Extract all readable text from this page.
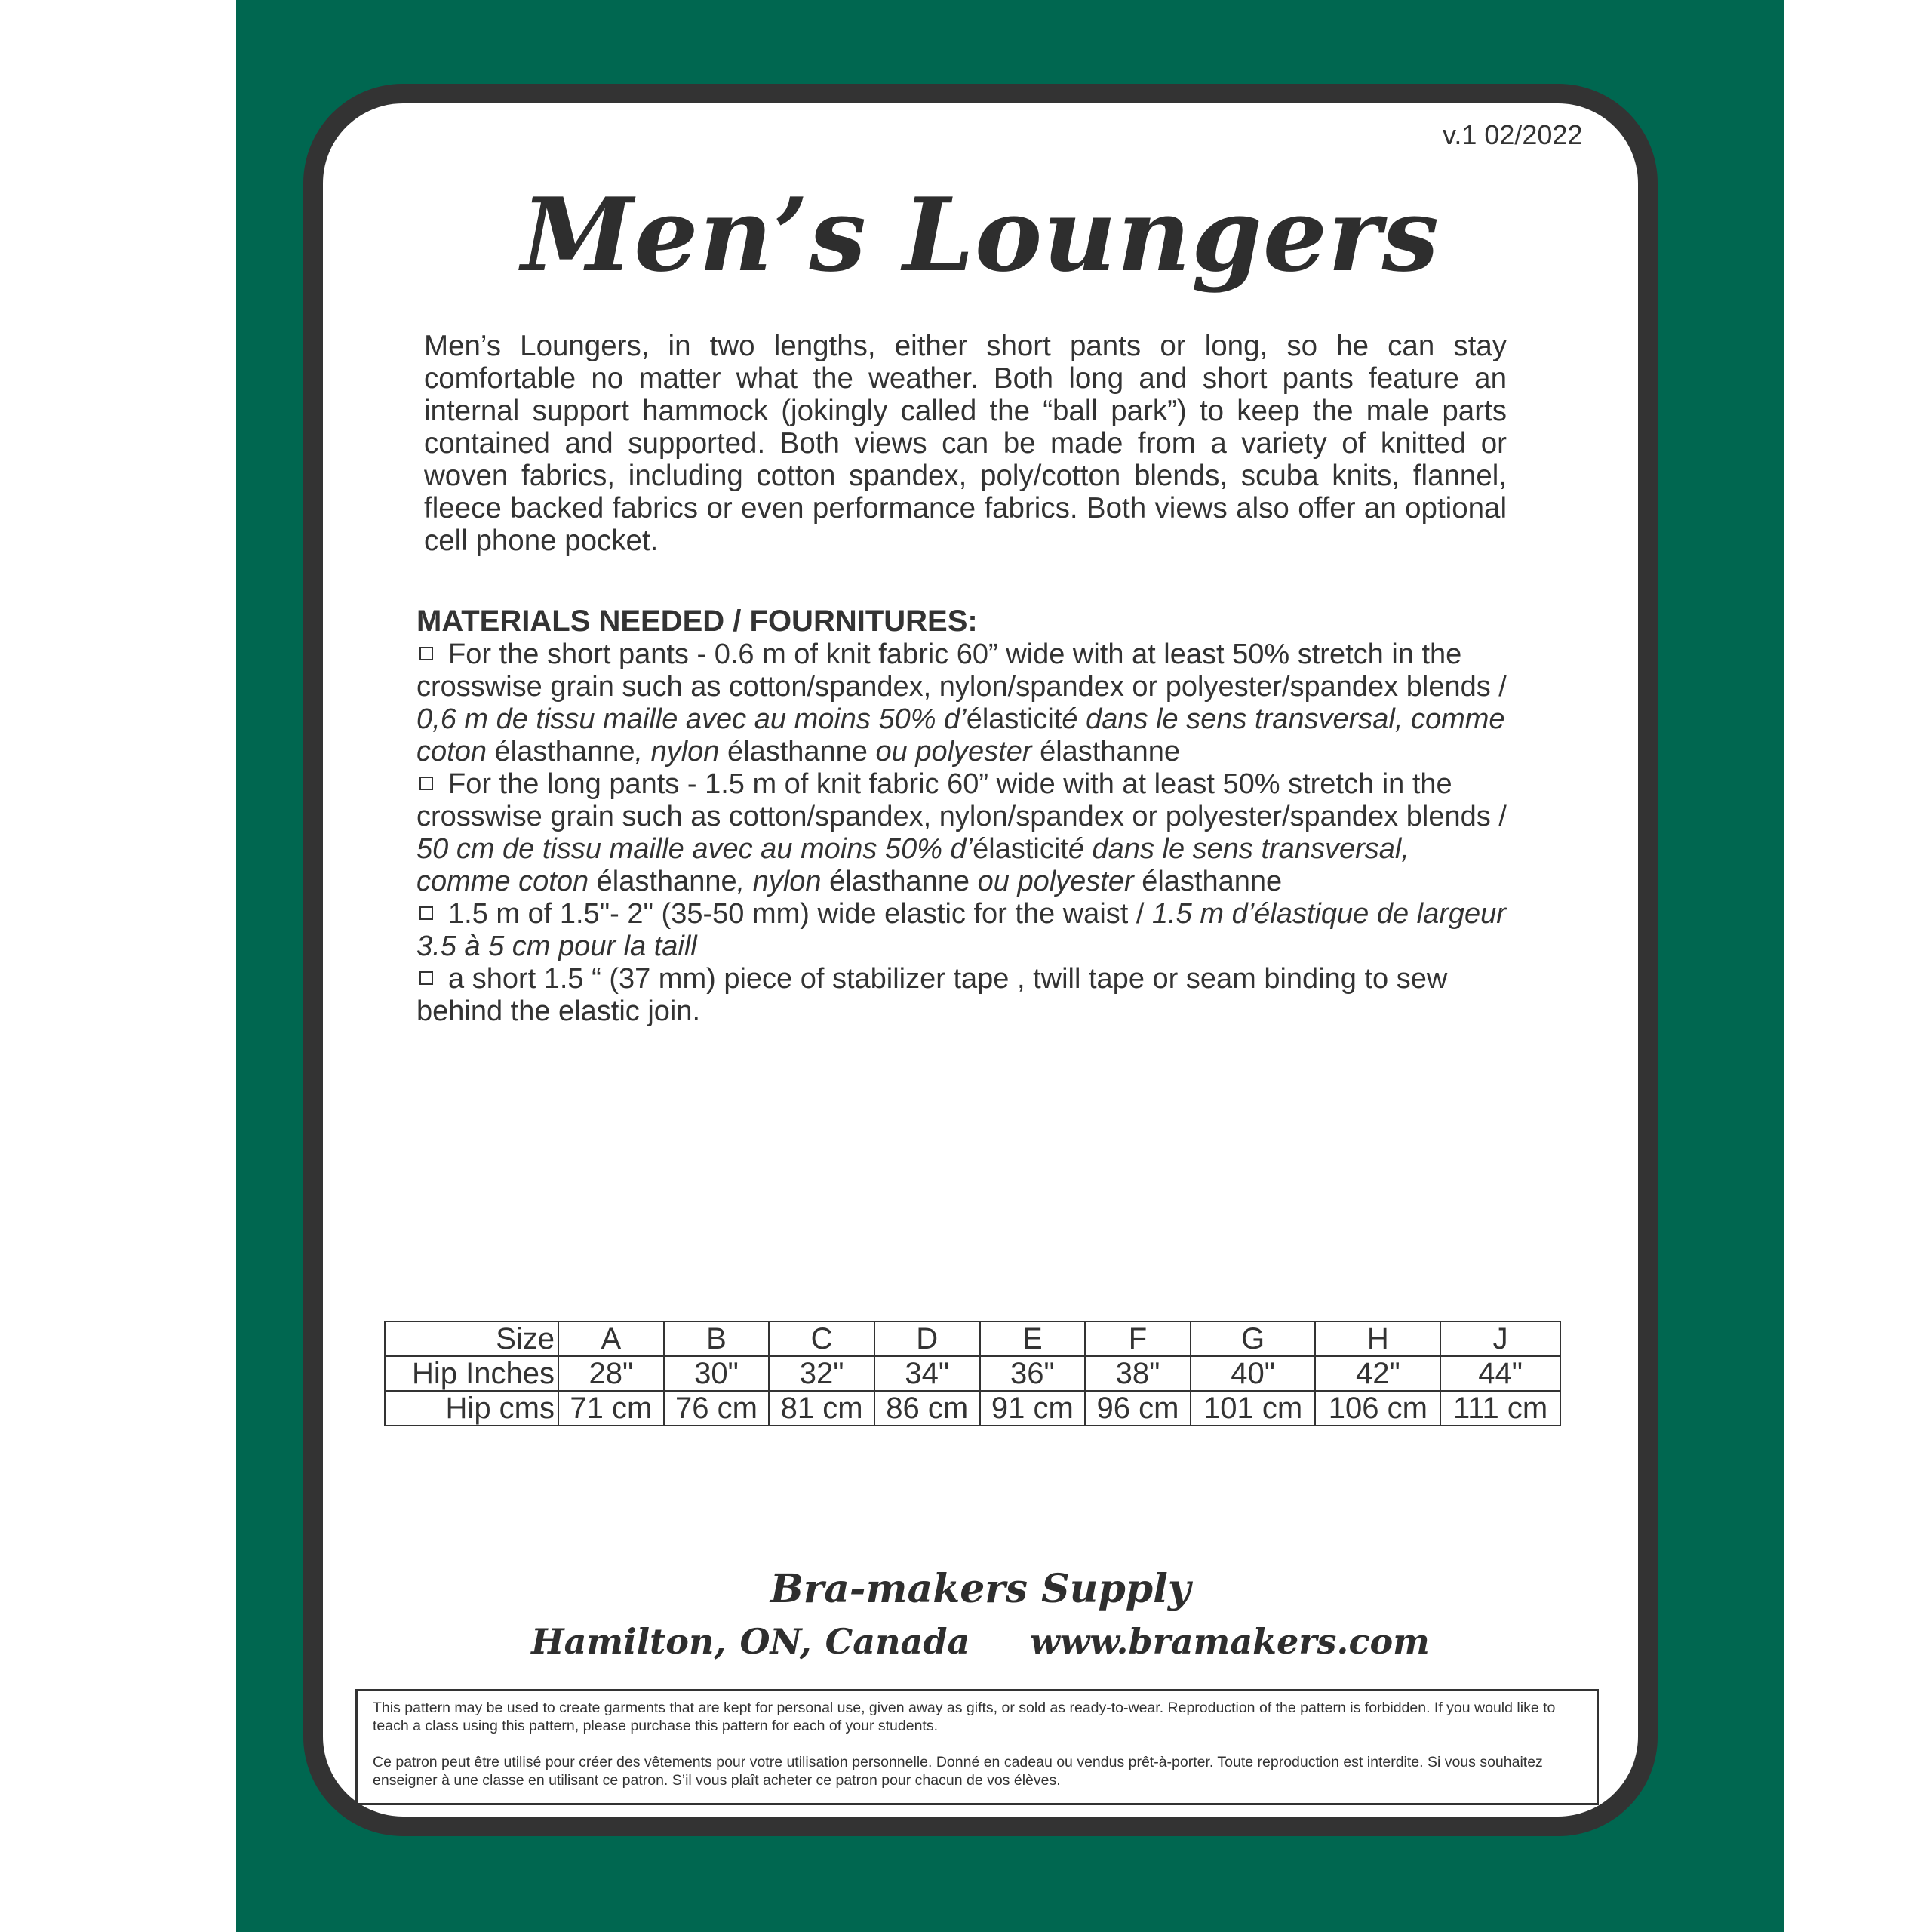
v.1 02/2022
Men’s Loungers
Men’s Loungers, in two lengths, either short pants or long, so he can stay comfortable no matter what the weather. Both long and short pants feature an internal support hammock (jokingly called the “ball park”) to keep the male parts contained and supported. Both views can be made from a variety of knitted or woven fabrics, including cotton spandex, poly/cotton blends, scuba knits, flannel, fleece backed fabrics or even performance fabrics. Both views also offer an optional cell phone pocket.
MATERIALS NEEDED / FOURNITURES:
For the short pants - 0.6 m of knit fabric 60” wide with at least 50% stretch in the crosswise grain such as cotton/spandex, nylon/spandex or polyester/spandex blends / 0,6 m de tissu maille avec au moins 50% d’élasticité dans le sens transversal, comme coton élasthanne, nylon élasthanne ou polyester élasthanne
For the long pants - 1.5 m of knit fabric 60” wide with at least 50% stretch in the crosswise grain such as cotton/spandex, nylon/spandex or polyester/spandex blends / 50 cm de tissu maille avec au moins 50% d’élasticité dans le sens transversal, comme coton élasthanne, nylon élasthanne ou polyester élasthanne
1.5 m of 1.5"- 2" (35-50 mm) wide elastic for the waist / 1.5 m d’élastique de largeur 3.5 à 5 cm pour la taill
a short 1.5 “ (37 mm) piece of stabilizer tape , twill tape or seam binding to sew behind the elastic join.
Size	A	B	C	D	E	F	G	H	J
Hip Inches	28"	30"	32"	34"	36"	38"	40"	42"	44"
Hip cms	71 cm	76 cm	81 cm	86 cm	91 cm	96 cm	101 cm	106 cm	111 cm
Bra-makers Supply
Hamilton, ON, Canada www.bramakers.com

This pattern may be used to create garments that are kept for personal use, given away as gifts, or sold as ready-to-wear. Reproduction of the pattern is forbidden. If you would like to teach a class using this pattern, please purchase this pattern for each of your students.

Ce patron peut être utilisé pour créer des vêtements pour votre utilisation personnelle. Donné en cadeau ou vendus prêt-à-porter. Toute reproduction est interdite. Si vous souhaitez enseigner à une classe en utilisant ce patron. S’il vous plaît acheter ce patron pour chacun de vos élèves.
